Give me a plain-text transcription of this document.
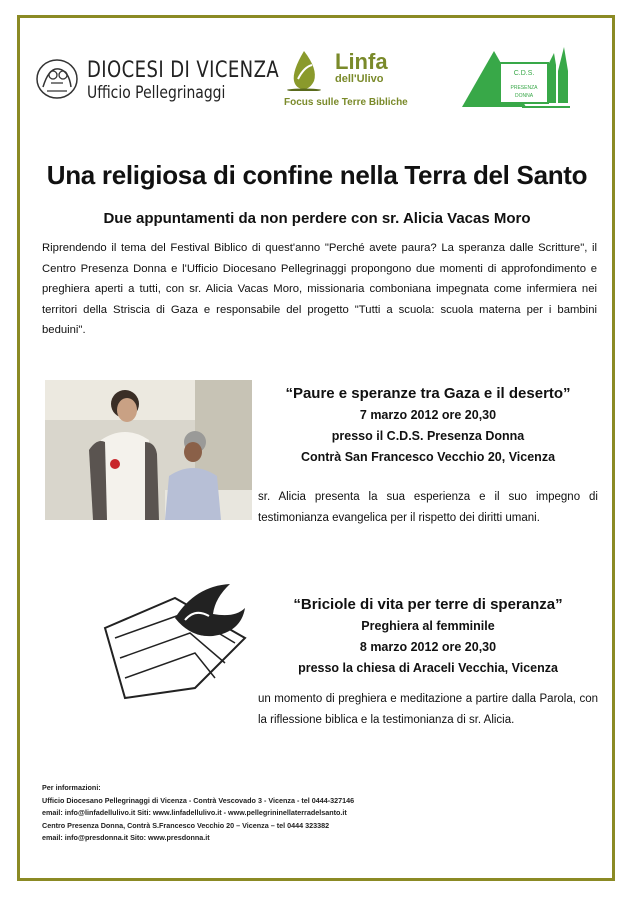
DIOCESI DI VICENZA
Ufficio Pellegrinaggi
Linfa
dell'Ulivo
Focus sulle Terre Bibliche
C.D.S.
PRESENZA
DONNA
Una religiosa di confine nella Terra del Santo
Due appuntamenti da non perdere con sr. Alicia Vacas Moro
Riprendendo il tema del Festival Biblico di quest'anno "Perché avete paura? La speranza dalle Scritture", il Centro Presenza Donna e l'Ufficio Diocesano Pellegrinaggi propongono due momenti di approfondimento e preghiera aperti a tutti, con sr. Alicia Vacas Moro, missionaria comboniana impegnata come infermiera nei territori della Striscia di Gaza e responsabile del progetto "Tutti a scuola: scuola materna per i bambini beduini".
“Paure e speranze tra Gaza e il deserto”
7 marzo 2012 ore 20,30
presso il C.D.S. Presenza Donna
Contrà San Francesco Vecchio 20, Vicenza
sr. Alicia presenta la sua esperienza e il suo impegno di testimonianza evangelica per il rispetto dei diritti umani.
“Briciole di vita per terre di speranza”
Preghiera al femminile
8 marzo 2012 ore 20,30
presso la chiesa di Araceli Vecchia, Vicenza
un momento di preghiera e meditazione a partire dalla Parola, con la riflessione biblica e la testimonianza di sr. Alicia.
Per informazioni:
Ufficio Diocesano Pellegrinaggi di Vicenza - Contrà Vescovado 3 - Vicenza - tel 0444-327146
email: info@linfadellulivo.it Siti: www.linfadellulivo.it - www.pellegrininellaterradelsanto.it
Centro Presenza Donna, Contrà S.Francesco Vecchio 20 – Vicenza – tel 0444 323382
email: info@presdonna.it Sito: www.presdonna.it
